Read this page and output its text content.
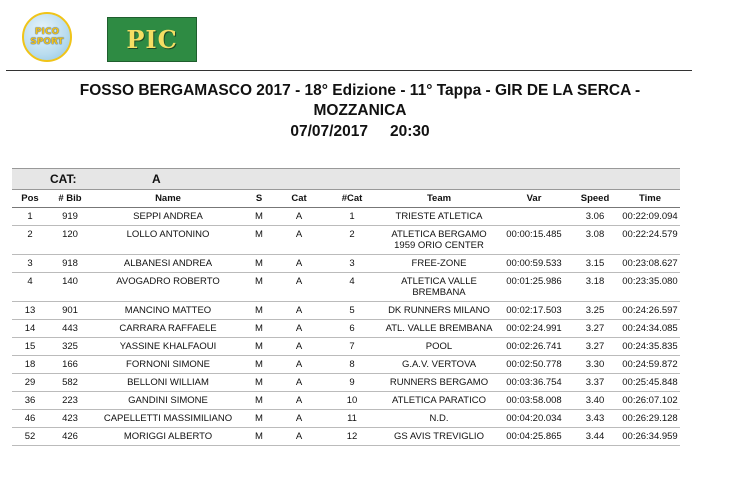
PICO
SPORT	PIC
FOSSO BERGAMASCO 2017 - 18° Edizione - 11° Tappa - GIR DE LA SERCA - MOZZANICA
07/07/2017 20:30
CAT:	A
Pos	# Bib	Name	S	Cat	#Cat	Team	Var	Speed	Time
1	919	SEPPI ANDREA	M	A	1	TRIESTE ATLETICA		3.06	00:22:09.094
2	120	LOLLO ANTONINO	M	A	2	ATLETICA BERGAMO 1959 ORIO CENTER	00:00:15.485	3.08	00:22:24.579
3	918	ALBANESI ANDREA	M	A	3	FREE-ZONE	00:00:59.533	3.15	00:23:08.627
4	140	AVOGADRO ROBERTO	M	A	4	ATLETICA VALLE BREMBANA	00:01:25.986	3.18	00:23:35.080
13	901	MANCINO MATTEO	M	A	5	DK RUNNERS MILANO	00:02:17.503	3.25	00:24:26.597
14	443	CARRARA RAFFAELE	M	A	6	ATL. VALLE BREMBANA	00:02:24.991	3.27	00:24:34.085
15	325	YASSINE KHALFAOUI	M	A	7	POOL	00:02:26.741	3.27	00:24:35.835
18	166	FORNONI SIMONE	M	A	8	G.A.V. VERTOVA	00:02:50.778	3.30	00:24:59.872
29	582	BELLONI WILLIAM	M	A	9	RUNNERS BERGAMO	00:03:36.754	3.37	00:25:45.848
36	223	GANDINI SIMONE	M	A	10	ATLETICA PARATICO	00:03:58.008	3.40	00:26:07.102
46	423	CAPELLETTI MASSIMILIANO	M	A	11	N.D.	00:04:20.034	3.43	00:26:29.128
52	426	MORIGGI ALBERTO	M	A	12	GS AVIS TREVIGLIO	00:04:25.865	3.44	00:26:34.959
